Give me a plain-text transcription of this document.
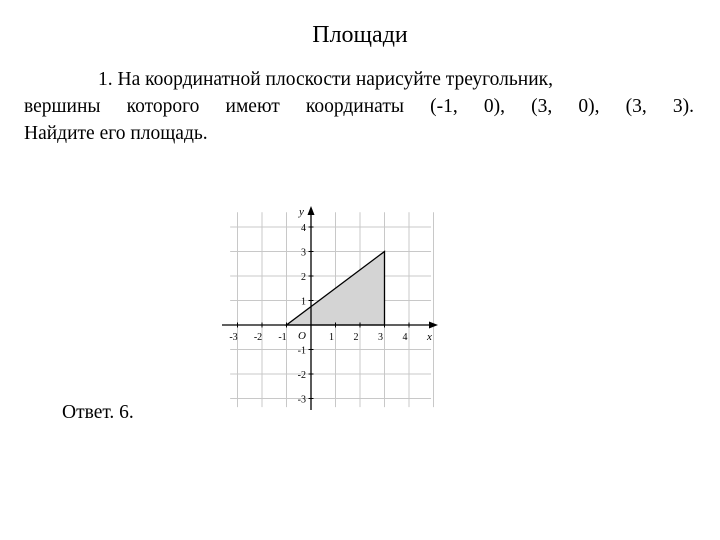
Площади
1. На координатной плоскости нарисуйте треугольник,
вершины которого имеют координаты (-1, 0), (3, 0), (3, 3).
Найдите его площадь.
-3 -2 -1	1 2 3 4
4
3
2
1
-1
-2
-3
O	x
y
Ответ. 6.
